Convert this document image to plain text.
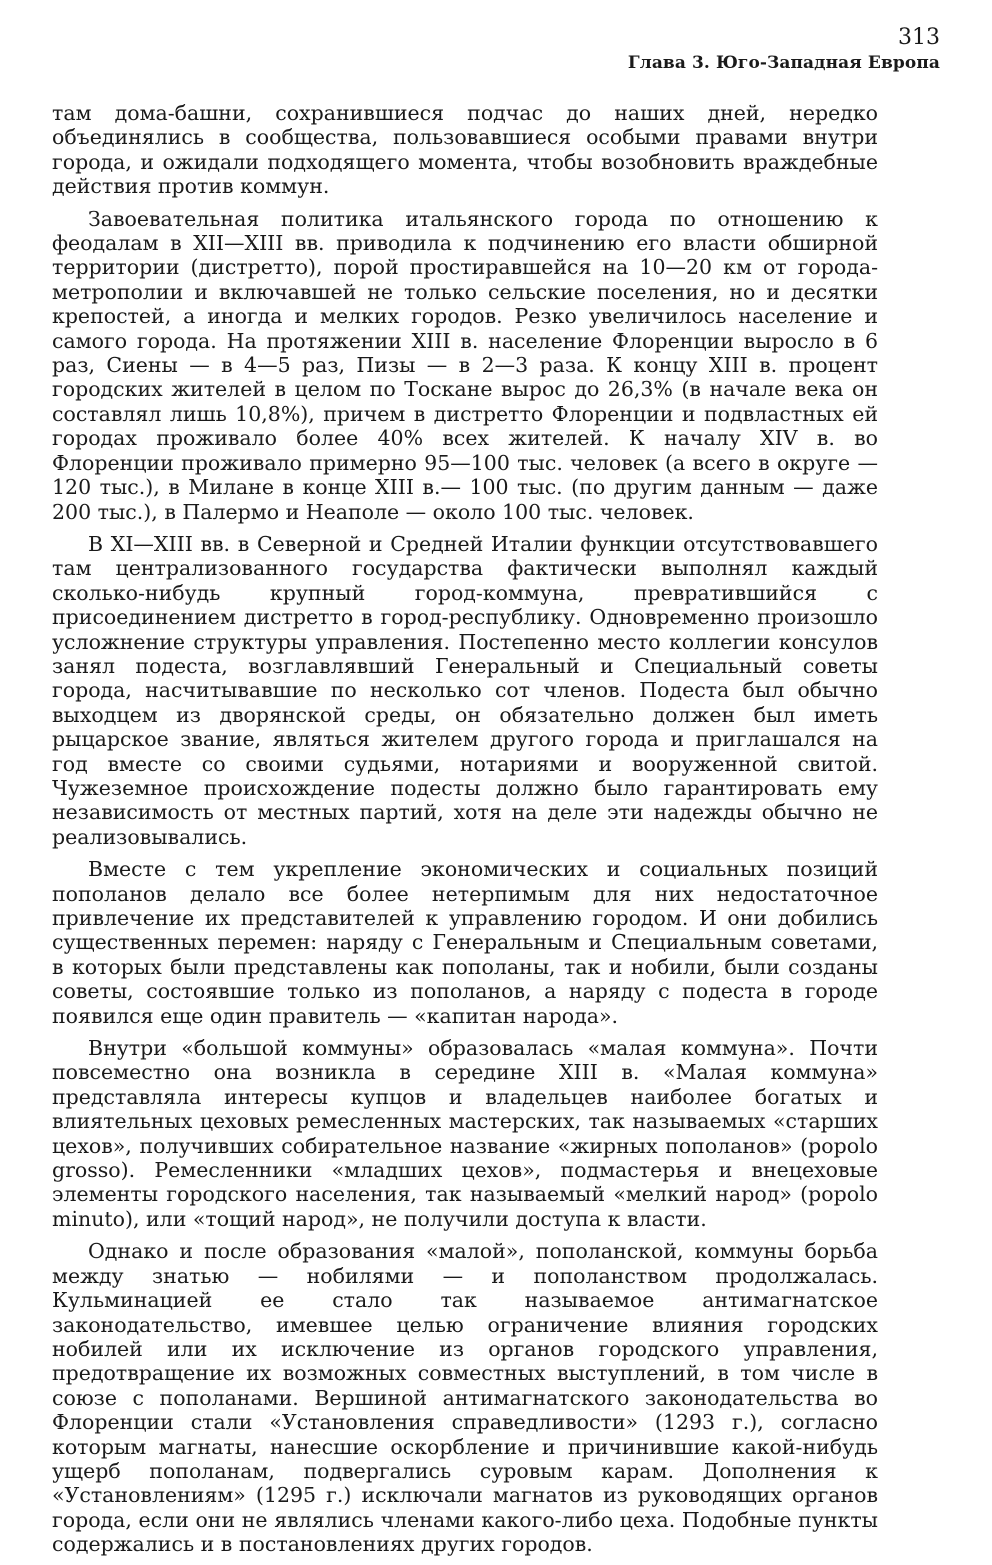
313
Глава 3. Юго-Западная Европа

там дома-башни, сохранившиеся подчас до наших дней, нередко объединялись в сообщества, пользовавшиеся особыми правами внутри города, и ожидали подходящего момента, чтобы возобновить враждебные действия против коммун.

Завоевательная политика итальянского города по отношению к феодалам в XII—XIII вв. приводила к подчинению его власти обширной территории (дистретто), порой простиравшейся на 10—20 км от города-метрополии и включавшей не только сельские поселения, но и десятки крепостей, а иногда и мелких городов. Резко увеличилось население и самого города. На протяжении XIII в. население Флоренции выросло в 6 раз, Сиены — в 4—5 раз, Пизы — в 2—3 раза. К концу XIII в. процент городских жителей в целом по Тоскане вырос до 26,3% (в начале века он составлял лишь 10,8%), причем в дистретто Флоренции и подвластных ей городах проживало более 40% всех жителей. К началу XIV в. во Флоренции проживало примерно 95—100 тыс. человек (а всего в округе — 120 тыс.), в Милане в конце XIII в.— 100 тыс. (по другим данным — даже 200 тыс.), в Палермо и Неаполе — около 100 тыс. человек.

В XI—XIII вв. в Северной и Средней Италии функции отсутствовавшего там централизованного государства фактически выполнял каждый сколько-нибудь крупный город-коммуна, превратившийся с присоединением дистретто в город-республику. Одновременно произошло усложнение структуры управления. Постепенно место коллегии консулов занял подеста, возглавлявший Генеральный и Специальный советы города, насчитывавшие по несколько сот членов. Подеста был обычно выходцем из дворянской среды, он обязательно должен был иметь рыцарское звание, являться жителем другого города и приглашался на год вместе со своими судьями, нотариями и вооруженной свитой. Чужеземное происхождение подесты должно было гарантировать ему независимость от местных партий, хотя на деле эти надежды обычно не реализовывались.

Вместе с тем укрепление экономических и социальных позиций пополанов делало все более нетерпимым для них недостаточное привлечение их представителей к управлению городом. И они добились существенных перемен: наряду с Генеральным и Специальным советами, в которых были представлены как пополаны, так и нобили, были созданы советы, состоявшие только из пополанов, а наряду с подеста в городе появился еще один правитель — «капитан народа».

Внутри «большой коммуны» образовалась «малая коммуна». Почти повсеместно она возникла в середине XIII в. «Малая коммуна» представляла интересы купцов и владельцев наиболее богатых и влиятельных цеховых ремесленных мастерских, так называемых «старших цехов», получивших собирательное название «жирных пополанов» (popolo grosso). Ремесленники «младших цехов», подмастерья и внецеховые элементы городского населения, так называемый «мелкий народ» (popolo minuto), или «тощий народ», не получили доступа к власти.

Однако и после образования «малой», пополанской, коммуны борьба между знатью — нобилями — и пополанством продолжалась. Кульминацией ее стало так называемое антимагнатское законодательство, имевшее целью ограничение влияния городских нобилей или их исключение из органов городского управления, предотвращение их возможных совместных выступлений, в том числе в союзе с пополанами. Вершиной антимагнатского законодательства во Флоренции стали «Установления справедливости» (1293 г.), согласно которым магнаты, нанесшие оскорбление и причинившие какой-нибудь ущерб пополанам, подвергались суровым карам. Дополнения к «Установлениям» (1295 г.) исключали магнатов из руководящих органов города, если они не являлись членами какого-либо цеха. Подобные пункты содержались и в постановлениях других городов.
